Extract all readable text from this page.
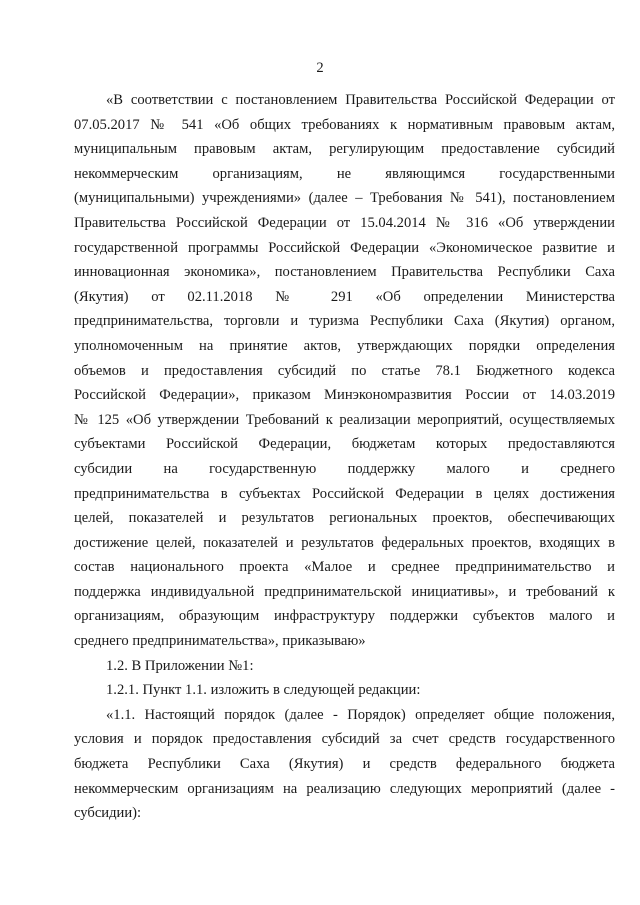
2
«В соответствии с постановлением Правительства Российской Федерации от
07.05.2017 № 541 «Об общих требованиях к нормативным правовым актам,
муниципальным правовым актам, регулирующим предоставление субсидий
некоммерческим организациям, не являющимся государственными
(муниципальными) учреждениями» (далее – Требования № 541), постановлением
Правительства Российской Федерации от 15.04.2014 № 316 «Об утверждении
государственной программы Российской Федерации «Экономическое развитие и
инновационная экономика», постановлением Правительства Республики Саха
(Якутия) от 02.11.2018 № 291 «Об определении Министерства
предпринимательства, торговли и туризма Республики Саха (Якутия) органом,
уполномоченным на принятие актов, утверждающих порядки определения
объемов и предоставления субсидий по статье 78.1 Бюджетного кодекса
Российской Федерации», приказом Минэкономразвития России от 14.03.2019
№ 125 «Об утверждении Требований к реализации мероприятий, осуществляемых
субъектами Российской Федерации, бюджетам которых предоставляются
субсидии на государственную поддержку малого и среднего
предпринимательства в субъектах Российской Федерации в целях достижения
целей, показателей и результатов региональных проектов, обеспечивающих
достижение целей, показателей и результатов федеральных проектов, входящих в
состав национального проекта «Малое и среднее предпринимательство и
поддержка индивидуальной предпринимательской инициативы», и требований к
организациям, образующим инфраструктуру поддержки субъектов малого и
среднего предпринимательства», приказываю»
1.2. В Приложении №1:
1.2.1. Пункт 1.1. изложить в следующей редакции:
«1.1. Настоящий порядок (далее - Порядок) определяет общие положения,
условия и порядок предоставления субсидий за счет средств государственного
бюджета Республики Саха (Якутия) и средств федерального бюджета
некоммерческим организациям на реализацию следующих мероприятий (далее -
субсидии):
